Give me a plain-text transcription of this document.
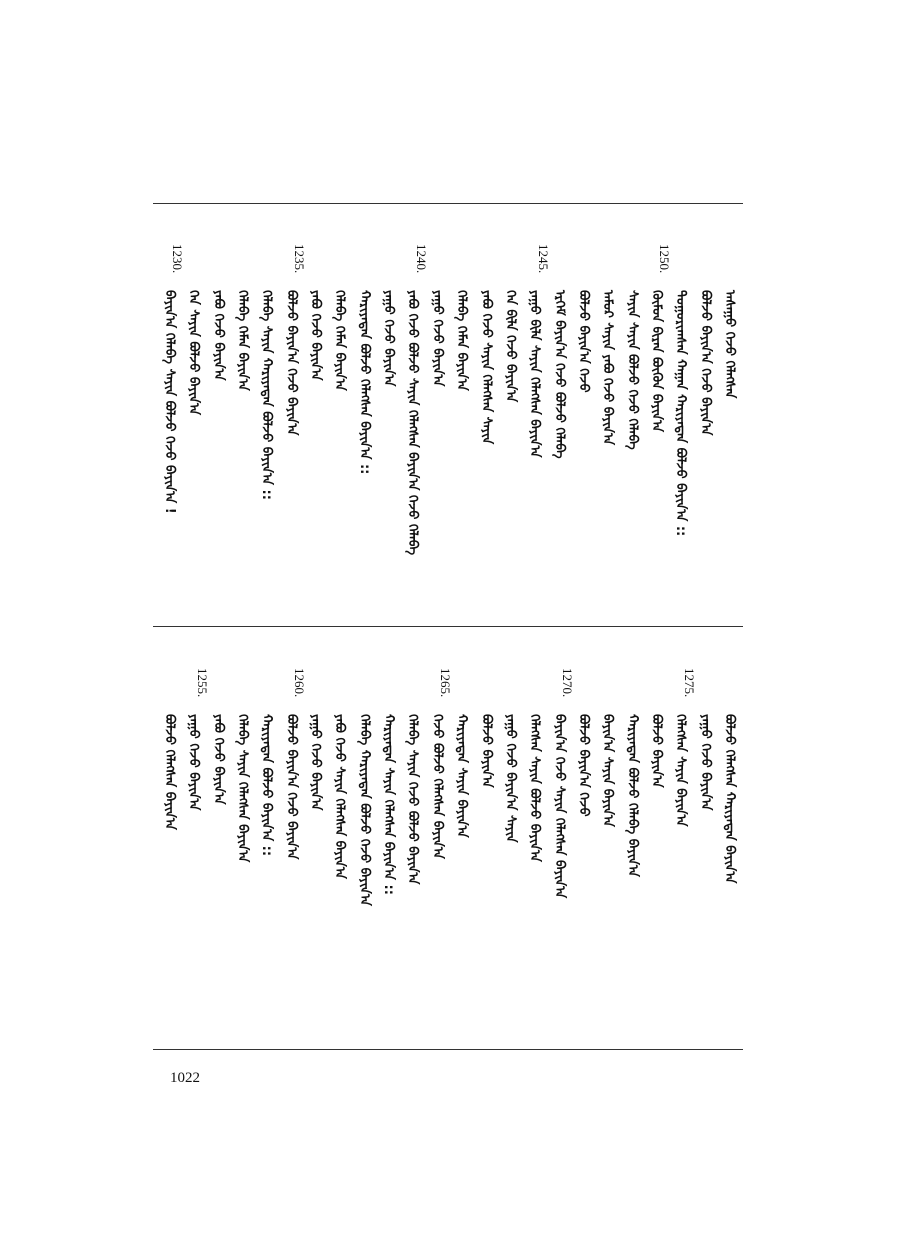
ᠠᠰᠠᠭᠤ ᠭᠡᠵᠦ ᠬᠡᠯᠡᠭᠰᠡᠨ
ᠪᠣᠯᠵᠣ ᠪᠠᠶᠢᠨ᠎ᠠ ᠭᠡᠵᠦ ᠪᠠᠶᠢᠨ᠎ᠠ
1250.
ᠲᠣᠭᠣᠷᠢᠭᠰᠠᠨ ᠬᠠᠭᠠᠨ ᠬᠠᠷᠢᠶᠠᠲᠠᠨ ᠪᠣᠯᠵᠣ ᠪᠠᠶᠢᠨ᠎ᠠ ::
ᠬᠦᠮᠦᠨ ᠪᠢᠷᠠᠨ ᠪᠦᠬᠦᠨ ᠪᠠᠶᠢᠨ᠎ᠠ
ᠰᠠᠶᠢᠨ ᠰᠠᠶᠢᠨ ᠪᠣᠯᠵᠣ ᠭᠡᠵᠦ ᠬᠡᠯᠡᠪᠡ
ᠠᠮᠤᠷ ᠰᠠᠶᠢᠨ ᠶᠠᠪᠤ ᠭᠡᠵᠦ ᠪᠠᠶᠢᠨ᠎ᠠ
ᠪᠣᠯᠵᠣ ᠪᠠᠶᠢᠨ᠎ᠠ ᠭᠡᠵᠦ
1245.
ᠡᠷᠬᠡᠮ ᠪᠠᠶᠢᠨ᠎ᠠ ᠭᠡᠵᠦ ᠪᠣᠯᠵᠣ ᠬᠡᠯᠡᠪᠡ
ᠶᠠᠭᠤ ᠪᠢᠯᠡ ᠰᠠᠶᠢᠨ ᠬᠡᠯᠡᠭᠰᠡᠨ ᠪᠠᠶᠢᠨ᠎ᠠ
ᠬᠡᠨ ᠪᠢᠯᠡ ᠭᠡᠵᠦ ᠪᠠᠶᠢᠨ᠎ᠠ
ᠶᠠᠪᠤ ᠭᠡᠵᠦ ᠰᠠᠶᠢᠨ ᠬᠡᠯᠡᠭᠰᠡᠨ ᠰᠠᠶᠢᠨ
ᠬᠡᠯᠡᠪᠡ ᠬᠡᠮᠡᠨ ᠪᠠᠶᠢᠨ᠎ᠠ
1240.
ᠶᠠᠭᠤ ᠭᠡᠵᠦ ᠪᠠᠶᠢᠨ᠎ᠠ
ᠶᠠᠪᠤ ᠭᠡᠵᠦ ᠪᠣᠯᠵᠣ ᠰᠠᠶᠢᠨ ᠬᠡᠯᠡᠭᠰᠡᠨ ᠪᠠᠶᠢᠨ᠎ᠠ ᠭᠡᠵᠦ ᠬᠡᠯᠡᠪᠡ
ᠶᠠᠭᠤ ᠭᠡᠵᠦ ᠪᠠᠶᠢᠨ᠎ᠠ
ᠬᠠᠷᠢᠶᠠᠲᠠᠨ ᠪᠣᠯᠵᠣ ᠬᠡᠯᠡᠭᠰᠡᠨ ᠪᠠᠶᠢᠨ᠎ᠠ ::
ᠬᠡᠯᠡᠪᠡ ᠬᠡᠮᠡᠨ ᠪᠠᠶᠢᠨ᠎ᠠ
1235.
ᠶᠠᠪᠤ ᠭᠡᠵᠦ ᠪᠠᠶᠢᠨ᠎ᠠ
ᠪᠣᠯᠵᠣ ᠪᠠᠶᠢᠨ᠎ᠠ ᠭᠡᠵᠦ ᠪᠠᠶᠢᠨ᠎ᠠ
ᠬᠡᠯᠡᠪᠡ ᠰᠠᠶᠢᠨ ᠬᠠᠷᠢᠶᠠᠲᠠᠨ ᠪᠣᠯᠵᠣ ᠪᠠᠶᠢᠨ᠎ᠠ ::
ᠬᠡᠯᠡᠪᠡ ᠬᠡᠮᠡᠨ ᠪᠠᠶᠢᠨ᠎ᠠ
ᠶᠠᠪᠤ ᠭᠡᠵᠦ ᠪᠠᠶᠢᠨ᠎ᠠ
1230.
ᠬᠡᠨ ᠰᠠᠶᠢᠨ ᠪᠣᠯᠵᠣ ᠪᠠᠶᠢᠨ᠎ᠠ
ᠪᠠᠶᠢᠨ᠎ᠠ ᠬᠡᠯᠡᠪᠡ ᠰᠠᠶᠢᠨ ᠪᠣᠯᠵᠣ ᠭᠡᠵᠦ ᠪᠠᠶᠢᠨ᠎ᠠ !
ᠪᠣᠯᠵᠣ ᠬᠡᠯᠡᠭᠰᠡᠨ ᠬᠠᠷᠢᠶᠠᠲᠠᠨ ᠪᠠᠶᠢᠨ᠎ᠠ
1275.
ᠶᠠᠭᠤ ᠭᠡᠵᠦ ᠪᠠᠶᠢᠨ᠎ᠠ
ᠬᠡᠯᠡᠭᠰᠡᠨ ᠰᠠᠶᠢᠨ ᠪᠠᠶᠢᠨ᠎ᠠ
ᠪᠣᠯᠵᠣ ᠪᠠᠶᠢᠨ᠎ᠠ
ᠬᠠᠷᠢᠶᠠᠲᠠᠨ ᠪᠣᠯᠵᠣ ᠬᠡᠯᠡᠪᠡ ᠪᠠᠶᠢᠨ᠎ᠠ
ᠪᠠᠶᠢᠨ᠎ᠠ ᠰᠠᠶᠢᠨ ᠪᠠᠶᠢᠨ᠎ᠠ
1270.
ᠪᠣᠯᠵᠣ ᠪᠠᠶᠢᠨ᠎ᠠ ᠭᠡᠵᠦ
ᠪᠠᠶᠢᠨ᠎ᠠ ᠭᠡᠵᠦ ᠰᠠᠶᠢᠨ ᠬᠡᠯᠡᠭᠰᠡᠨ ᠪᠠᠶᠢᠨ᠎ᠠ
ᠬᠡᠯᠡᠭᠰᠡᠨ ᠰᠠᠶᠢᠨ ᠪᠣᠯᠵᠣ ᠪᠠᠶᠢᠨ᠎ᠠ
ᠶᠠᠭᠤ ᠭᠡᠵᠦ ᠪᠠᠶᠢᠨ᠎ᠠ ᠰᠠᠶᠢᠨ
ᠪᠣᠯᠵᠣ ᠪᠠᠶᠢᠨ᠎ᠠ
1265.
ᠬᠠᠷᠢᠶᠠᠲᠠᠨ ᠰᠠᠶᠢᠨ ᠪᠠᠶᠢᠨ᠎ᠠ
ᠭᠡᠵᠦ ᠪᠣᠯᠵᠣ ᠬᠡᠯᠡᠭᠰᠡᠨ ᠪᠠᠶᠢᠨ᠎ᠠ
ᠬᠡᠯᠡᠪᠡ ᠰᠠᠶᠢᠨ ᠭᠡᠵᠦ ᠪᠣᠯᠵᠣ ᠪᠠᠶᠢᠨ᠎ᠠ
ᠬᠠᠷᠢᠶᠠᠲᠠᠨ ᠰᠠᠶᠢᠨ ᠬᠡᠯᠡᠭᠰᠡᠨ ᠪᠠᠶᠢᠨ᠎ᠠ ::
ᠬᠡᠯᠡᠪᠡ ᠬᠠᠷᠢᠶᠠᠲᠠᠨ ᠪᠣᠯᠵᠣ ᠭᠡᠵᠦ ᠪᠠᠶᠢᠨ᠎ᠠ
ᠶᠠᠪᠤ ᠭᠡᠵᠦ ᠰᠠᠶᠢᠨ ᠬᠡᠯᠡᠭᠰᠡᠨ ᠪᠠᠶᠢᠨ᠎ᠠ
1260.
ᠶᠠᠭᠤ ᠭᠡᠵᠦ ᠪᠠᠶᠢᠨ᠎ᠠ
ᠪᠣᠯᠵᠣ ᠪᠠᠶᠢᠨ᠎ᠠ ᠭᠡᠵᠦ ᠪᠠᠶᠢᠨ᠎ᠠ
ᠬᠠᠷᠢᠶᠠᠲᠠᠨ ᠪᠣᠯᠵᠣ ᠪᠠᠶᠢᠨ᠎ᠠ ::
ᠬᠡᠯᠡᠪᠡ ᠰᠠᠶᠢᠨ ᠬᠡᠯᠡᠭᠰᠡᠨ ᠪᠠᠶᠢᠨ᠎ᠠ
1255.
ᠶᠠᠪᠤ ᠭᠡᠵᠦ ᠪᠠᠶᠢᠨ᠎ᠠ
ᠶᠠᠭᠤ ᠭᠡᠵᠦ ᠪᠠᠶᠢᠨ᠎ᠠ
ᠪᠣᠯᠵᠣ ᠬᠡᠯᠡᠭᠰᠡᠨ ᠪᠠᠶᠢᠨ᠎ᠠ
1022
